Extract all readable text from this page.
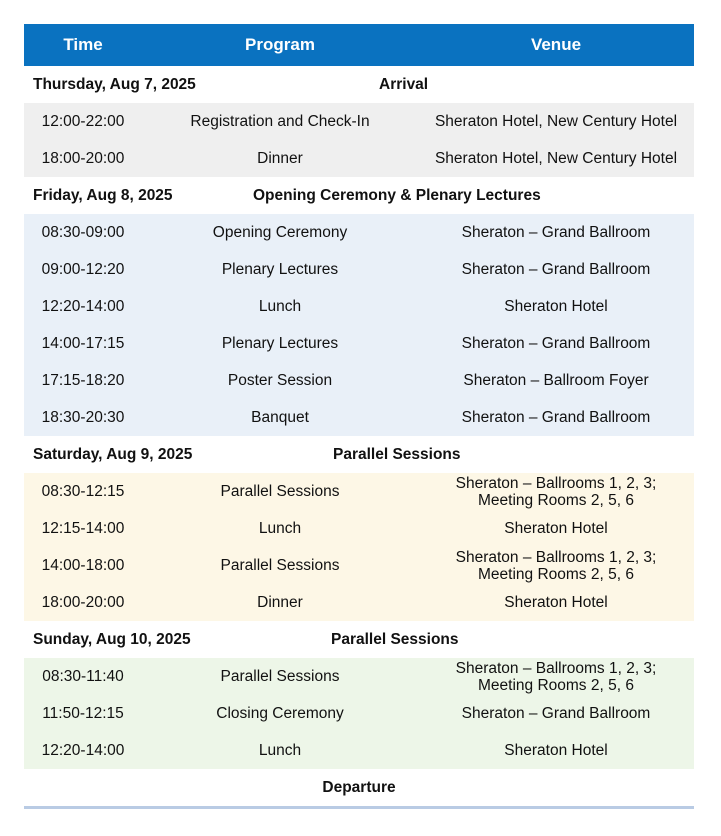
Time	Program	Venue
Thursday, Aug 7, 2025	Arrival
12:00-22:00	Registration and Check-In	Sheraton Hotel, New Century Hotel
18:00-20:00	Dinner	Sheraton Hotel, New Century Hotel
Friday, Aug 8, 2025	Opening Ceremony & Plenary Lectures
08:30-09:00	Opening Ceremony	Sheraton – Grand Ballroom
09:00-12:20	Plenary Lectures	Sheraton – Grand Ballroom
12:20-14:00	Lunch	Sheraton Hotel
14:00-17:15	Plenary Lectures	Sheraton – Grand Ballroom
17:15-18:20	Poster Session	Sheraton – Ballroom Foyer
18:30-20:30	Banquet	Sheraton – Grand Ballroom
Saturday, Aug 9, 2025	Parallel Sessions
08:30-12:15	Parallel Sessions	Sheraton – Ballrooms 1, 2, 3;
Meeting Rooms 2, 5, 6
12:15-14:00	Lunch	Sheraton Hotel
14:00-18:00	Parallel Sessions	Sheraton – Ballrooms 1, 2, 3;
Meeting Rooms 2, 5, 6
18:00-20:00	Dinner	Sheraton Hotel
Sunday, Aug 10, 2025	Parallel Sessions
08:30-11:40	Parallel Sessions	Sheraton – Ballrooms 1, 2, 3;
Meeting Rooms 2, 5, 6
11:50-12:15	Closing Ceremony	Sheraton – Grand Ballroom
12:20-14:00	Lunch	Sheraton Hotel
Departure
